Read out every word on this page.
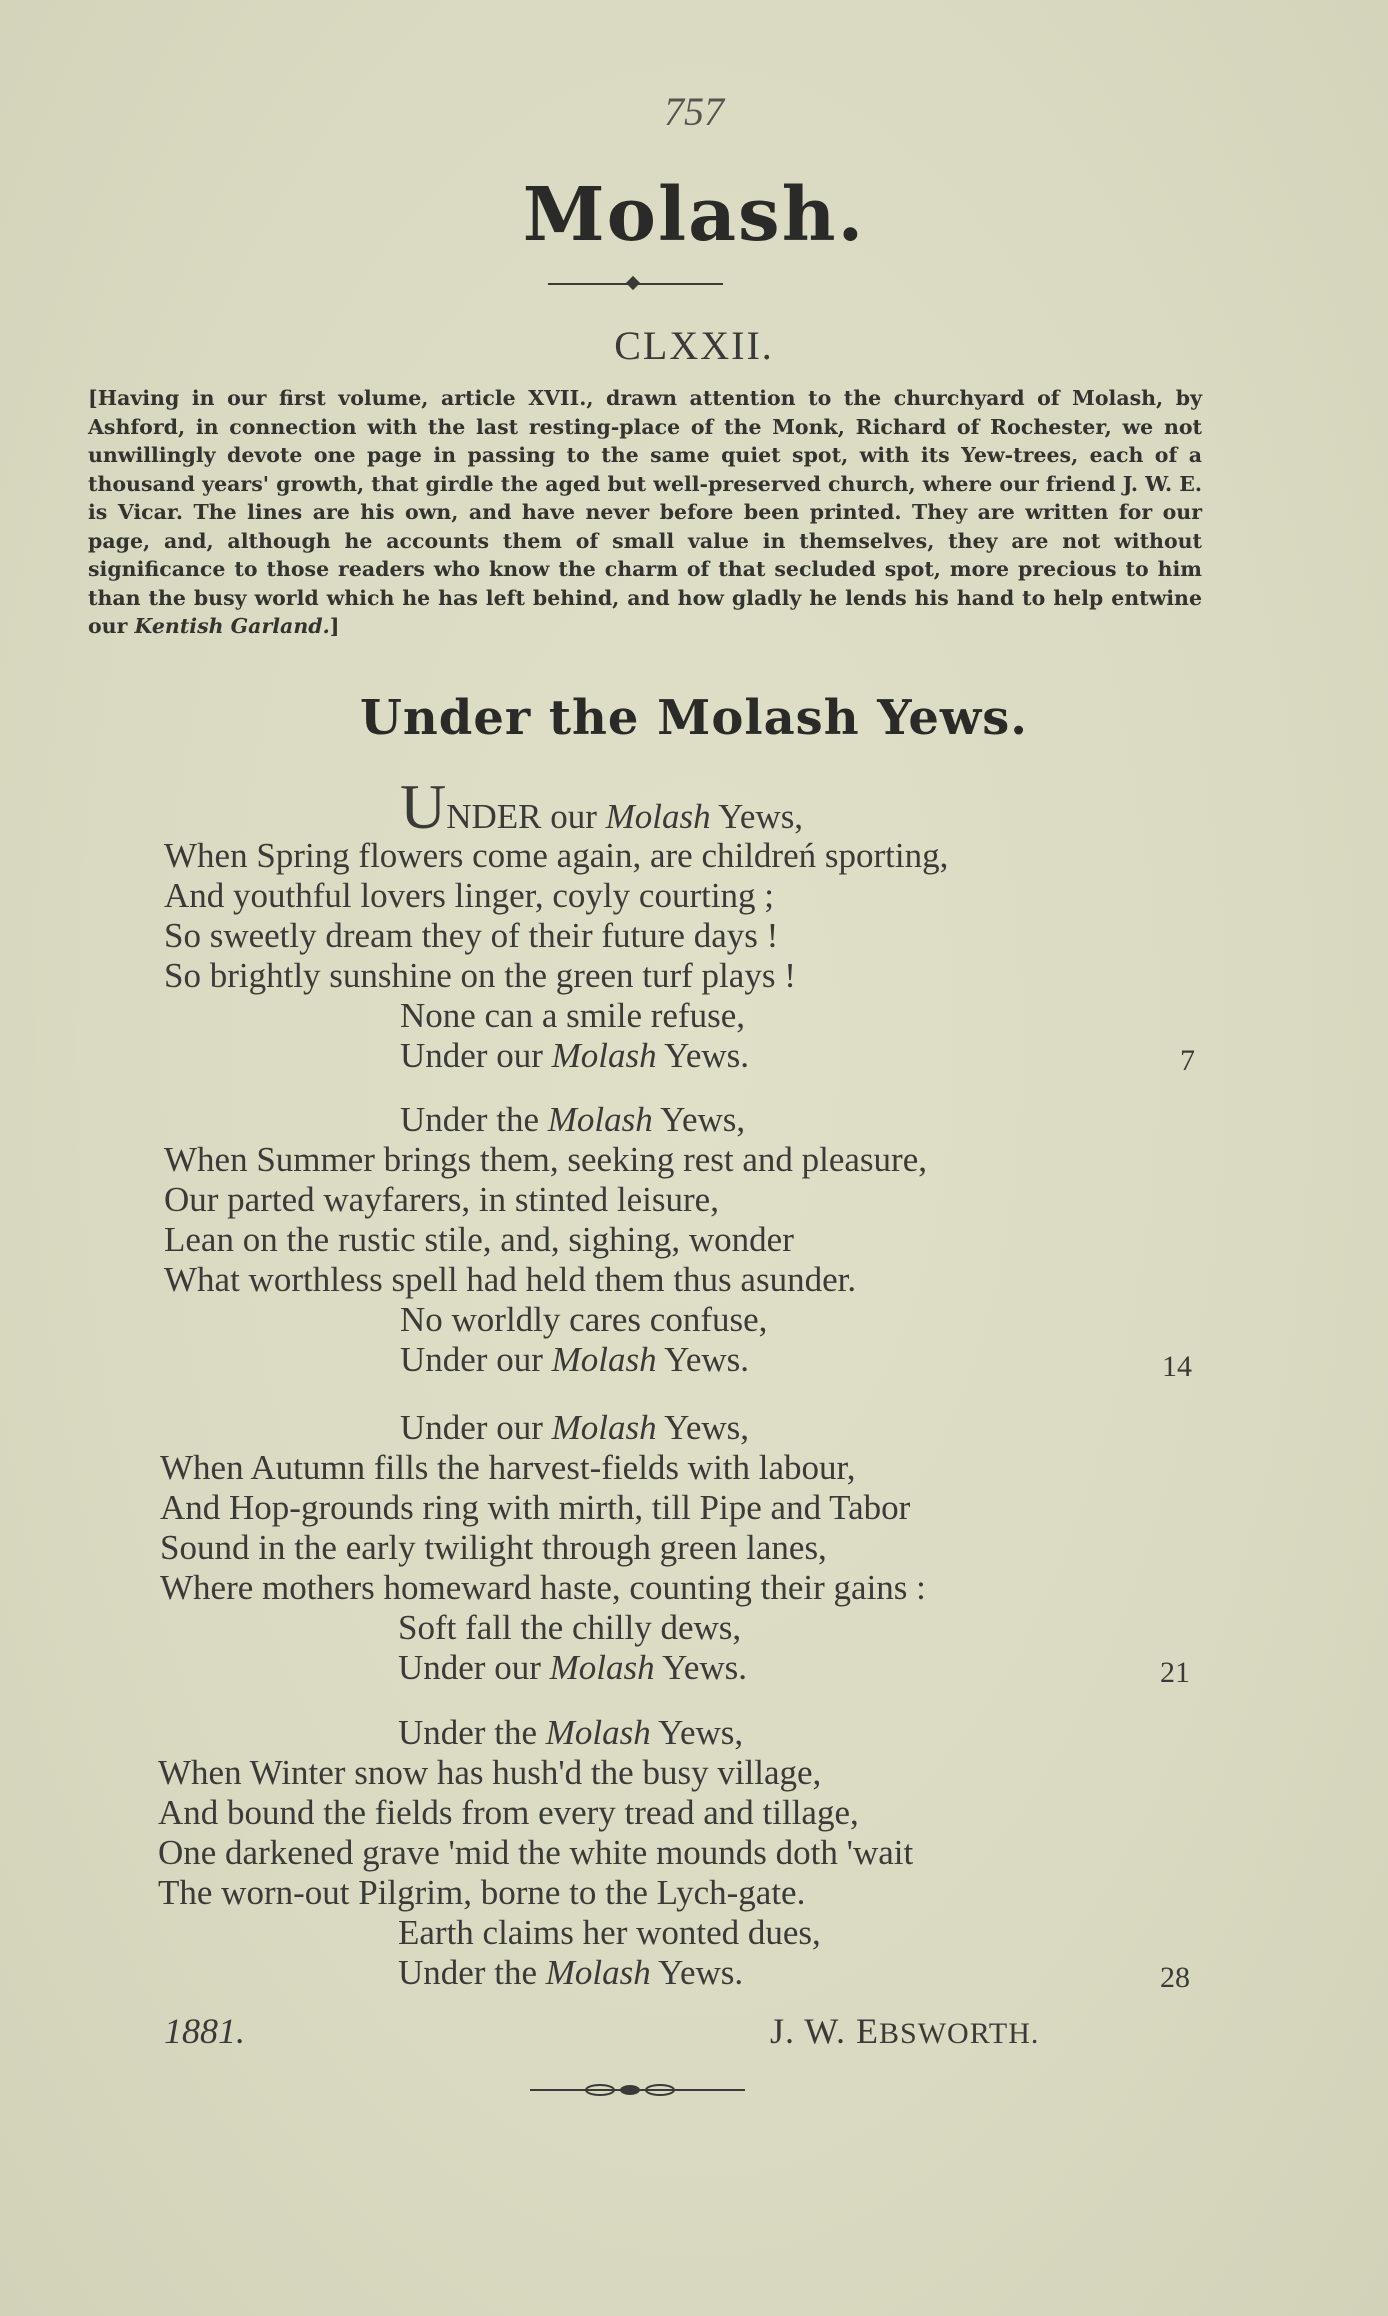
757
Molash.
CLXXII.
[Having in our first volume, article XVII., drawn attention to the churchyard of Molash, by Ashford, in connection with the last resting-place of the Monk, Richard of Rochester, we not unwillingly devote one page in passing to the same quiet spot, with its Yew-trees, each of a thousand years' growth, that girdle the aged but well-preserved church, where our friend J. W. E. is Vicar. The lines are his own, and have never before been printed. They are written for our page, and, although he accounts them of small value in themselves, they are not without significance to those readers who know the charm of that secluded spot, more precious to him than the busy world which he has left behind, and how gladly he lends his hand to help entwine our Kentish Garland.]
Under the Molash Yews.
UNDER our Molash Yews,
When Spring flowers come again, are childreń sporting,
And youthful lovers linger, coyly courting ;
So sweetly dream they of their future days !
So brightly sunshine on the green turf plays !
None can a smile refuse,
Under our Molash Yews.	7
Under the Molash Yews,
When Summer brings them, seeking rest and pleasure,
Our parted wayfarers, in stinted leisure,
Lean on the rustic stile, and, sighing, wonder
What worthless spell had held them thus asunder.
No worldly cares confuse,
Under our Molash Yews.	14
Under our Molash Yews,
When Autumn fills the harvest-fields with labour,
And Hop-grounds ring with mirth, till Pipe and Tabor
Sound in the early twilight through green lanes,
Where mothers homeward haste, counting their gains :
Soft fall the chilly dews,
Under our Molash Yews.	21
Under the Molash Yews,
When Winter snow has hush'd the busy village,
And bound the fields from every tread and tillage,
One darkened grave 'mid the white mounds doth 'wait
The worn-out Pilgrim, borne to the Lych-gate.
Earth claims her wonted dues,
Under the Molash Yews.	28
1881.	J. W. EBSWORTH.
